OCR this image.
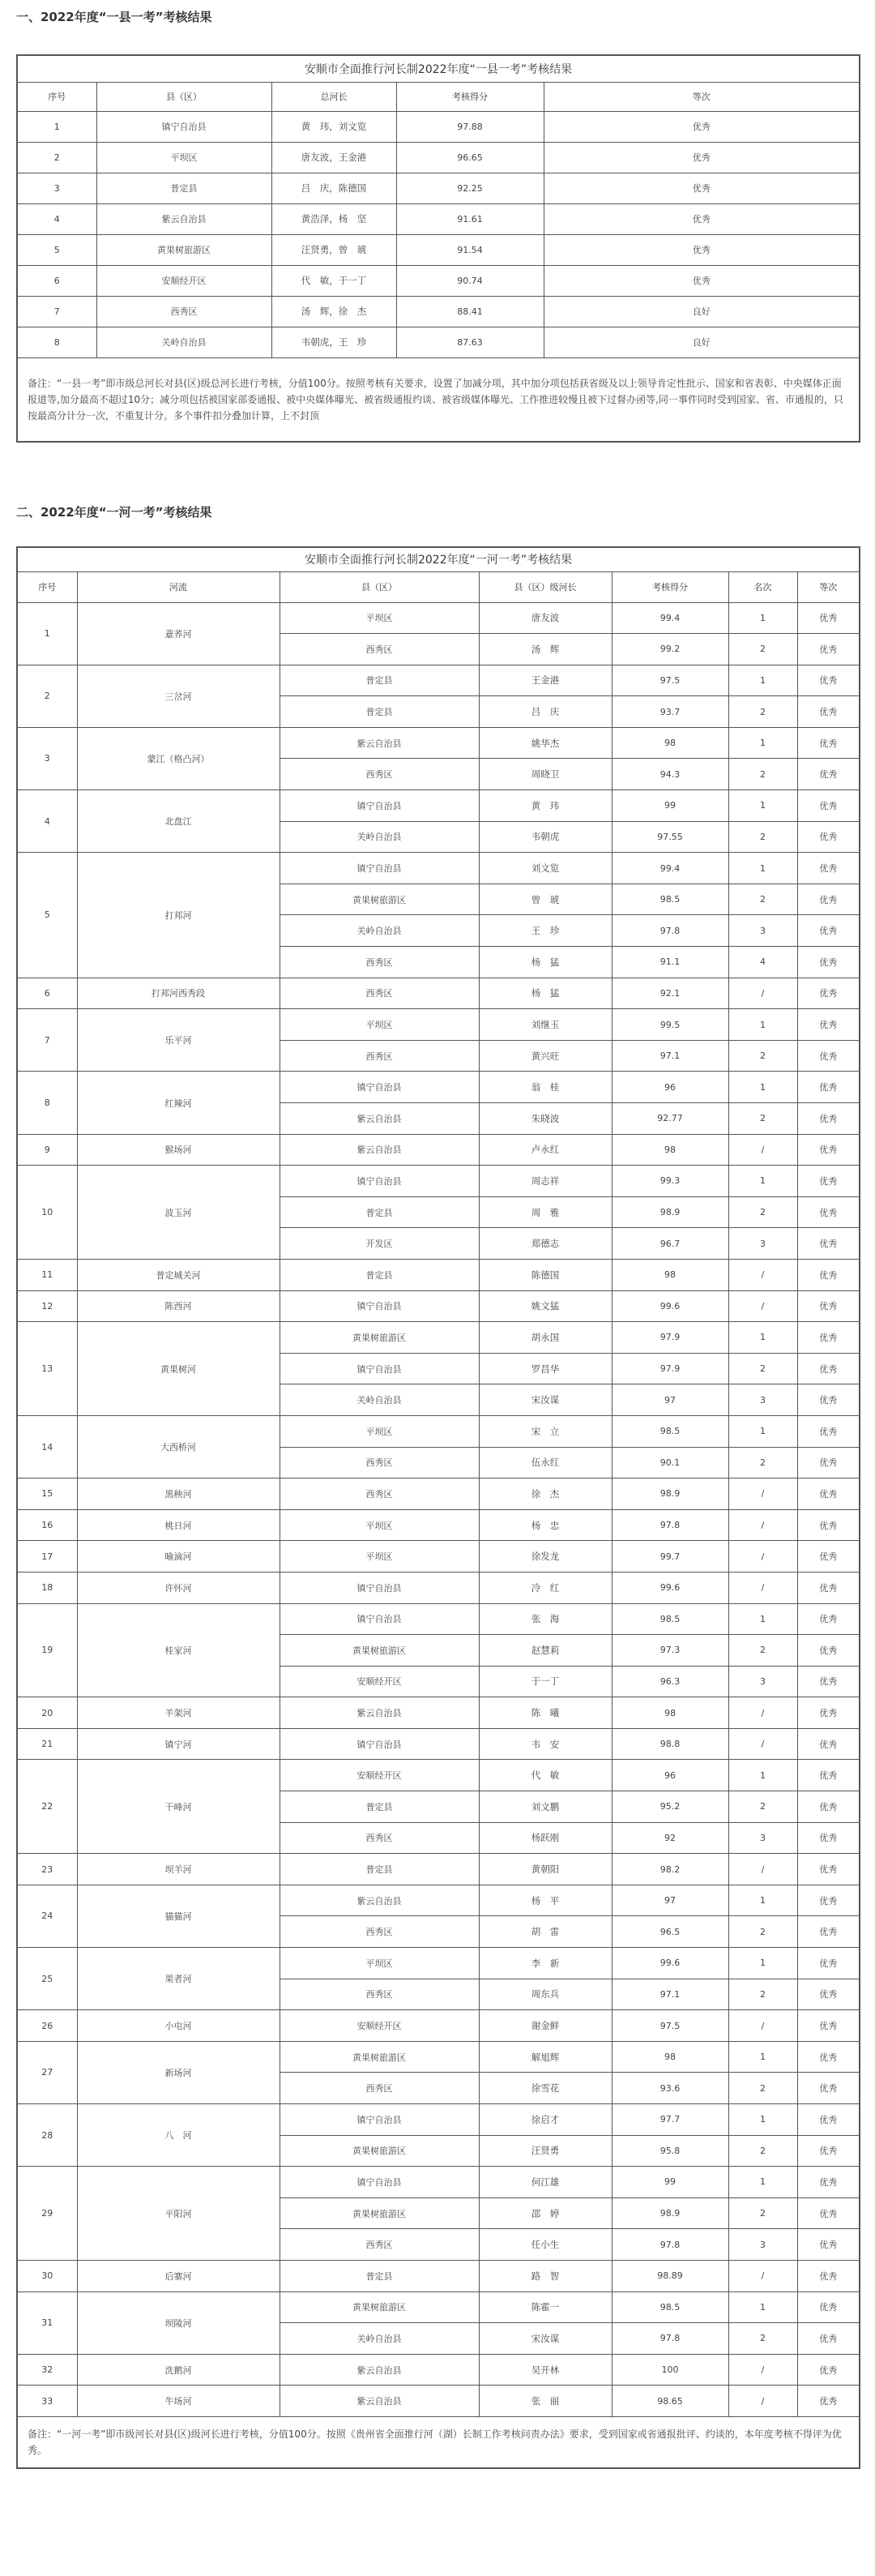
一、2022年度“一县一考”考核结果
安顺市全面推行河长制2022年度“一县一考”考核结果				
序号	县（区）	总河长	考核得分	等次
1	镇宁自治县	黄　玮，刘文览	97.88	优秀
2	平坝区	唐友波，王金港	96.65	优秀
3	普定县	吕　庆，陈德国	92.25	优秀
4	紫云自治县	黄浩泽，杨　坚	91.61	优秀
5	黄果树旅游区	汪贤勇，曾　琥	91.54	优秀
6	安顺经开区	代　敏，于一丁	90.74	优秀
7	西秀区	汤　辉，徐　杰	88.41	良好
8	关岭自治县	韦朝虎，王　珍	87.63	良好
备注：“一县一考”即市级总河长对县(区)级总河长进行考核，分值100分。按照考核有关要求，设置了加减分项，其中加分项包括获省级及以上领导肯定性批示、国家和省表彰、中央媒体正面报道等,加分最高不超过10分；减分项包括被国家部委通报、被中央媒体曝光、被省级通报约谈、被省级媒体曝光、工作推进较慢且被下过督办函等,同一事件同时受到国家、省、市通报的，只按最高分计分一次，不重复计分。多个事件扣分叠加计算，上不封顶				
二、2022年度“一河一考”考核结果
安顺市全面推行河长制2022年度“一河一考”考核结果						
序号	河流	县（区）	县（区）级河长	考核得分	名次	等次
1	薏荞河	平坝区	唐友波	99.4	1	优秀
		西秀区	汤　辉	99.2	2	优秀
2	三岔河	普定县	王金港	97.5	1	优秀
		普定县	吕　庆	93.7	2	优秀
3	蒙江（格凸河）	紫云自治县	姚华杰	98	1	优秀
		西秀区	周晓卫	94.3	2	优秀
4	北盘江	镇宁自治县	黄　玮	99	1	优秀
		关岭自治县	韦朝虎	97.55	2	优秀
5	打邦河	镇宁自治县	刘文览	99.4	1	优秀
		黄果树旅游区	曾　琥	98.5	2	优秀
		关岭自治县	王　珍	97.8	3	优秀
		西秀区	杨　猛	91.1	4	优秀
6	打邦河西秀段	西秀区	杨　猛	92.1	/	优秀
7	乐平河	平坝区	刘继玉	99.5	1	优秀
		西秀区	黄兴旺	97.1	2	优秀
8	红辣河	镇宁自治县	翁　桂	96	1	优秀
		紫云自治县	朱晓波	92.77	2	优秀
9	猴场河	紫云自治县	卢永红	98	/	优秀
10	波玉河	镇宁自治县	周志祥	99.3	1	优秀
		普定县	周　雅	98.9	2	优秀
		开发区	郑德志	96.7	3	优秀
11	普定城关河	普定县	陈德国	98	/	优秀
12	陈西河	镇宁自治县	姚文猛	99.6	/	优秀
13	黄果树河	黄果树旅游区	胡永国	97.9	1	优秀
		镇宁自治县	罗昌华	97.9	2	优秀
		关岭自治县	宋汝谋	97	3	优秀
14	大西桥河	平坝区	宋　立	98.5	1	优秀
		西秀区	伍永红	90.1	2	优秀
15	黑秧河	西秀区	徐　杰	98.9	/	优秀
16	桃日河	平坝区	杨　忠	97.8	/	优秀
17	喻滴河	平坝区	徐发龙	99.7	/	优秀
18	许怀河	镇宁自治县	冷　红	99.6	/	优秀
19	桂家河	镇宁自治县	张　海	98.5	1	优秀
		黄果树旅游区	赵慧莉	97.3	2	优秀
		安顺经开区	于一丁	96.3	3	优秀
20	羊架河	紫云自治县	陈　曦	98	/	优秀
21	镇宁河	镇宁自治县	韦　安	98.8	/	优秀
22	干峰河	安顺经开区	代　敏	96	1	优秀
		普定县	刘文鹏	95.2	2	优秀
		西秀区	杨跃刚	92	3	优秀
23	坝羊河	普定县	黄朝阳	98.2	/	优秀
24	猫猫河	紫云自治县	杨　平	97	1	优秀
		西秀区	胡　雷	96.5	2	优秀
25	果者河	平坝区	李　新	99.6	1	优秀
		西秀区	周东兵	97.1	2	优秀
26	小屯河	安顺经开区	谢金鲜	97.5	/	优秀
27	新场河	黄果树旅游区	解旭辉	98	1	优秀
		西秀区	徐雪花	93.6	2	优秀
28	八　河	镇宁自治县	徐启才	97.7	1	优秀
		黄果树旅游区	汪贤勇	95.8	2	优秀
29	平阳河	镇宁自治县	何江雄	99	1	优秀
		黄果树旅游区	邵　婷	98.9	2	优秀
		西秀区	任小生	97.8	3	优秀
30	后寨河	普定县	路　智	98.89	/	优秀
31	坝陵河	黄果树旅游区	陈霍一	98.5	1	优秀
		关岭自治县	宋汝谋	97.8	2	优秀
32	洗鹅河	紫云自治县	吴开林	100	/	优秀
33	牛场河	紫云自治县	张　丽	98.65	/	优秀
备注：“一河一考”即市级河长对县(区)级河长进行考核，分值100分。按照《贵州省全面推行河（湖）长制工作考核问责办法》要求，受到国家或省通报批评、约谈的，本年度考核不得评为优秀。						
